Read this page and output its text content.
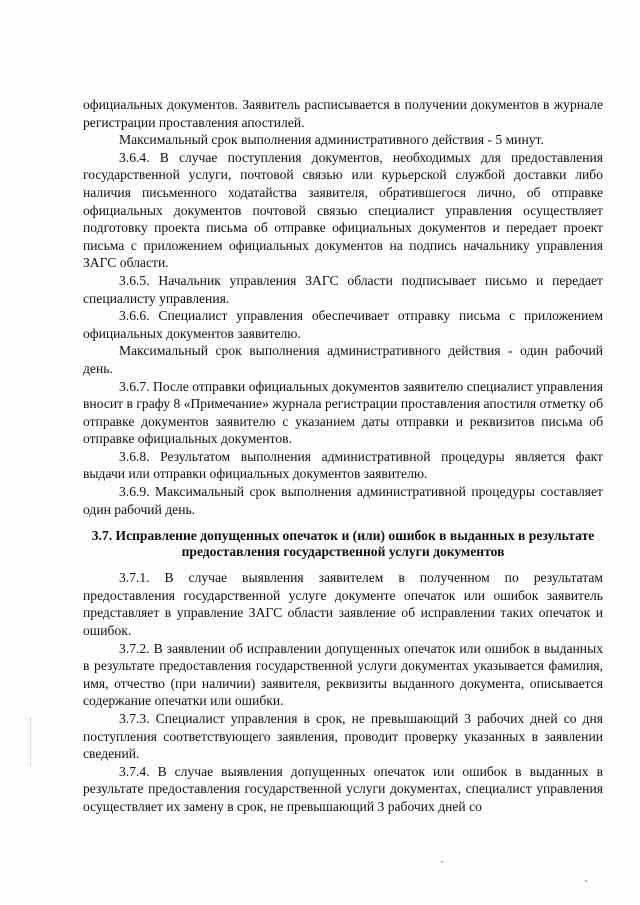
официальных документов. Заявитель расписывается в получении документов в журнале регистрации проставления апостилей.

Максимальный срок выполнения административного действия - 5 минут.

3.6.4. В случае поступления документов, необходимых для предоставления государственной услуги, почтовой связью или курьерской службой доставки либо наличия письменного ходатайства заявителя, обратившегося лично, об отправке официальных документов почтовой связью специалист управления осуществляет подготовку проекта письма об отправке официальных документов и передает проект письма с приложением официальных документов на подпись начальнику управления ЗАГС области.

3.6.5. Начальник управления ЗАГС области подписывает письмо и передает специалисту управления.

3.6.6. Специалист управления обеспечивает отправку письма с приложением официальных документов заявителю.

Максимальный срок выполнения административного действия - один рабочий день.

3.6.7. После отправки официальных документов заявителю специалист управления вносит в графу 8 «Примечание» журнала регистрации проставления апостиля отметку об отправке документов заявителю с указанием даты отправки и реквизитов письма об отправке официальных документов.

3.6.8. Результатом выполнения административной процедуры является факт выдачи или отправки официальных документов заявителю.

3.6.9. Максимальный срок выполнения административной процедуры составляет один рабочий день.

3.7. Исправление допущенных опечаток и (или) ошибок в выданных в результате предоставления государственной услуги документов

3.7.1. В случае выявления заявителем в полученном по результатам предоставления государственной услуге документе опечаток или ошибок заявитель представляет в управление ЗАГС области заявление об исправлении таких опечаток и ошибок.

3.7.2. В заявлении об исправлении допущенных опечаток или ошибок в выданных в результате предоставления государственной услуги документах указывается фамилия, имя, отчество (при наличии) заявителя, реквизиты выданного документа, описывается содержание опечатки или ошибки.

3.7.3. Специалист управления в срок, не превышающий 3 рабочих дней со дня поступления соответствующего заявления, проводит проверку указанных в заявлении сведений.

3.7.4. В случае выявления допущенных опечаток или ошибок в выданных в результате предоставления государственной услуги документах, специалист управления осуществляет их замену в срок, не превышающий 3 рабочих дней со
